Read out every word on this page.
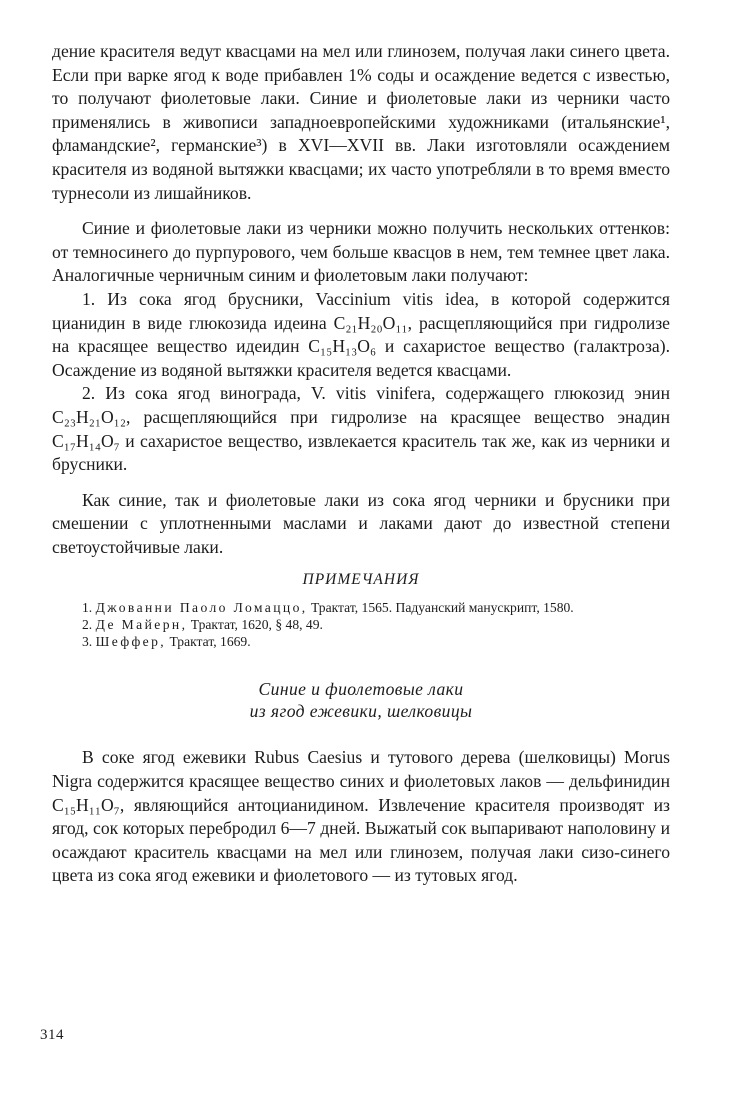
дение красителя ведут квасцами на мел или глинозем, получая лаки синего цвета. Если при варке ягод к воде прибавлен 1% соды и осаждение ведется с известью, то получают фиолетовые лаки. Синие и фиолетовые лаки из черники часто применялись в живописи западноевропейскими художниками (итальянские¹, фламандские², германские³) в XVI—XVII вв. Лаки изготовляли осаждением красителя из водяной вытяжки квасцами; их часто употребляли в то время вместо турнесоли из лишайников.

Синие и фиолетовые лаки из черники можно получить нескольких оттенков: от темносинего до пурпурового, чем больше квасцов в нем, тем темнее цвет лака. Аналогичные черничным синим и фиолетовым лаки получают:

1. Из сока ягод брусники, Vaccinium vitis idea, в которой содержится цианидин в виде глюкозида идеина C₂₁H₂₀O₁₁, расщепляющийся при гидролизе на красящее вещество идеидин C₁₅H₁₃O₆ и сахаристое вещество (галактроза). Осаждение из водяной вытяжки красителя ведется квасцами.

2. Из сока ягод винограда, V. vitis vinifera, содержащего глюкозид энин C₂₃H₂₁O₁₂, расщепляющийся при гидролизе на красящее вещество энадин C₁₇H₁₄O₇ и сахаристое вещество, извлекается краситель так же, как из черники и брусники.

Как синие, так и фиолетовые лаки из сока ягод черники и брусники при смешении с уплотненными маслами и лаками дают до известной степени светоустойчивые лаки.

ПРИМЕЧАНИЯ

1. Джованни Паоло Ломаццо, Трактат, 1565. Падуанский манускрипт, 1580.

2. Де Майерн, Трактат, 1620, § 48, 49.

3. Шеффер, Трактат, 1669.

Синие и фиолетовые лаки
из ягод ежевики, шелковицы

В соке ягод ежевики Rubus Caesius и тутового дерева (шелковицы) Morus Nigra содержится красящее вещество синих и фиолетовых лаков — дельфинидин C₁₅H₁₁O₇, являющийся антоцианидином. Извлечение красителя производят из ягод, сок которых перебродил 6—7 дней. Выжатый сок выпаривают наполовину и осаждают краситель квасцами на мел или глинозем, получая лаки сизо-синего цвета из сока ягод ежевики и фиолетового — из тутовых ягод.

314
